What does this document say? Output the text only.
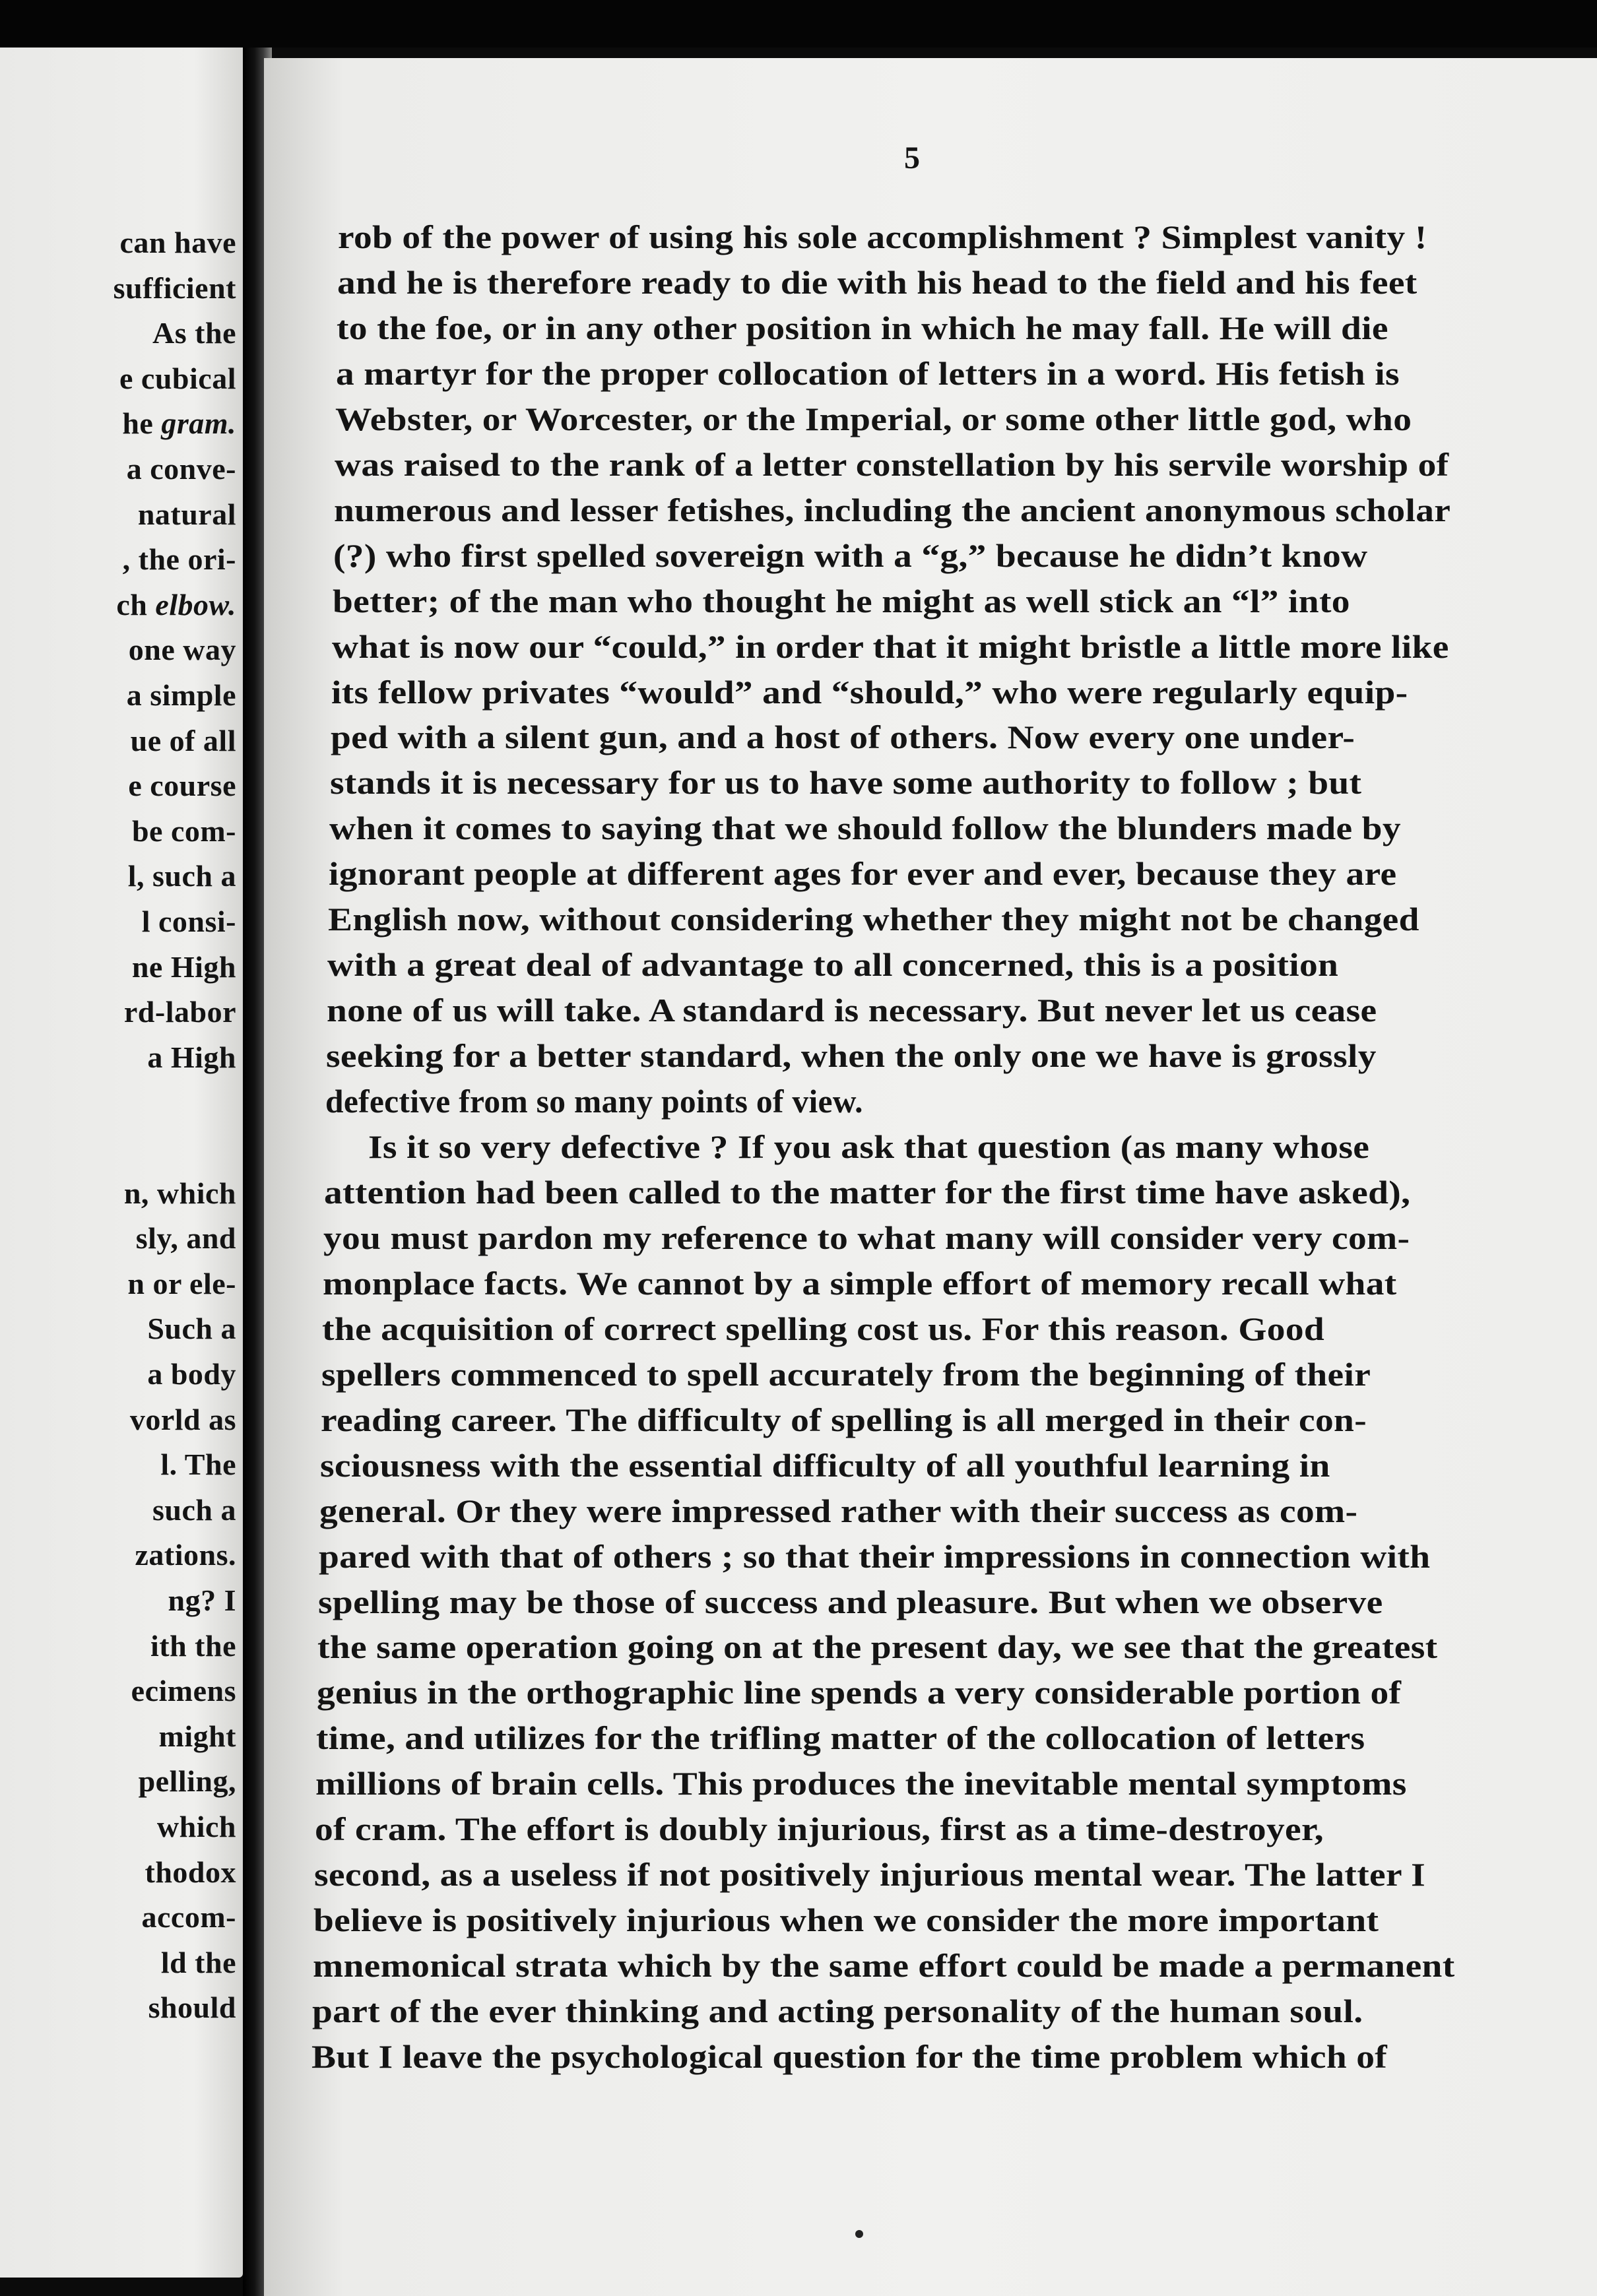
can have
sufficient
As the
e cubical
he gram.
a conve-
natural
, the ori-
ch elbow.
one way
a simple
ue of all
e course
be com-
l, such a
l consi-
ne High
rd-labor
a High
n, which
sly, and
n or ele-
Such a
a body
vorld as
l. The
such a
zations.
ng? I
ith the
ecimens
might
pelling,
which
thodox
accom-
ld the
should
5
rob of the power of using his sole accomplishment ? Simplest vanity !
and he is therefore ready to die with his head to the field and his feet
to the foe, or in any other position in which he may fall. He will die
a martyr for the proper collocation of letters in a word. His fetish is
Webster, or Worcester, or the Imperial, or some other little god, who
was raised to the rank of a letter constellation by his servile worship of
numerous and lesser fetishes, including the ancient anonymous scholar
(?) who first spelled sovereign with a “g,” because he didn’t know
better; of the man who thought he might as well stick an “l” into
what is now our “could,” in order that it might bristle a little more like
its fellow privates “would” and “should,” who were regularly equip-
ped with a silent gun, and a host of others. Now every one under-
stands it is necessary for us to have some authority to follow ; but
when it comes to saying that we should follow the blunders made by
ignorant people at different ages for ever and ever, because they are
English now, without considering whether they might not be changed
with a great deal of advantage to all concerned, this is a position
none of us will take. A standard is necessary. But never let us cease
seeking for a better standard, when the only one we have is grossly
defective from so many points of view.
Is it so very defective ? If you ask that question (as many whose
attention had been called to the matter for the first time have asked),
you must pardon my reference to what many will consider very com-
monplace facts. We cannot by a simple effort of memory recall what
the acquisition of correct spelling cost us. For this reason. Good
spellers commenced to spell accurately from the beginning of their
reading career. The difficulty of spelling is all merged in their con-
sciousness with the essential difficulty of all youthful learning in
general. Or they were impressed rather with their success as com-
pared with that of others ; so that their impressions in connection with
spelling may be those of success and pleasure. But when we observe
the same operation going on at the present day, we see that the greatest
genius in the orthographic line spends a very considerable portion of
time, and utilizes for the trifling matter of the collocation of letters
millions of brain cells. This produces the inevitable mental symptoms
of cram. The effort is doubly injurious, first as a time-destroyer,
second, as a useless if not positively injurious mental wear. The latter I
believe is positively injurious when we consider the more important
mnemonical strata which by the same effort could be made a permanent
part of the ever thinking and acting personality of the human soul.
But I leave the psychological question for the time problem which of
